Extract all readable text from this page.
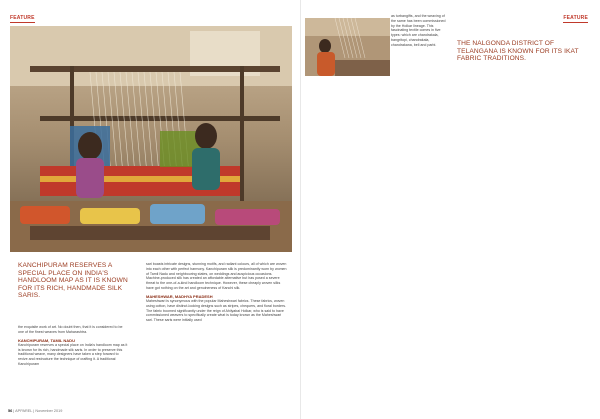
FEATURE
KANCHIPURAM RESERVES A SPECIAL PLACE ON INDIA'S HANDLOOM MAP AS IT IS KNOWN FOR ITS RICH, HANDMADE SILK SARIS.

the exquisite work of art. No doubt then, that it is considered to be one of the finest weaves from Maharashtra.

KANCHIPURAM, TAMIL NADU

Kanchipuram reserves a special place on India's handloom map as it is known for its rich, handmade silk saris. In order to preserve this traditional weave, many designers have taken a step forward to revive and restructure the technique of crafting it. A traditional Kanchipuram

sari boasts intricate designs, stunning motifs, and radiant colours, all of which are woven into each other with perfect harmony. Kanchipuram silk is predominantly worn by women of Tamil Nadu and neighbouring states, on weddings and auspicious occasions. Machine-produced silk has created an affordable alternative but has posed a severe threat to the one-of-a-kind handloom technique. However, these cheaply woven silks have got nothing on the art and genuineness of Kanchi silk.

MAHESHWAR, MADHYA PRADESH

Maheshwari is synonymous with the popular Maheshwari fabrics. These fabrics, woven using cotton, have distinct-looking designs such as stripes, chequers, and floral borders. The fabric boomed significantly under the reign of Ahilyabai Holkar, who is said to have commissioned weavers to specifically create what is today known as the Maheshwari sari. These saris were initially used

56 | APPAREL | November 2019
FEATURE
THE NALGONDA DISTRICT OF TELANGANA IS KNOWN FOR ITS IKAT FABRIC TRADITIONS.

as turbangifts, and the weaving of the same has been commissioned by the Holkar lineage. This fascinating textile comes in five types: which are chandrakala, bangritopi, chandrakala, chandrakana, beli and parbi.
